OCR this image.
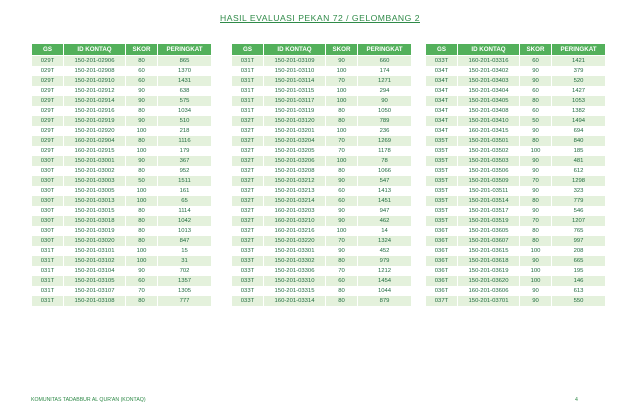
HASIL EVALUASI PEKAN 72 / GELOMBANG 2
GS	ID KONTAQ	SKOR	PERINGKAT
029T	150-201-02906	80	865
029T	150-201-02908	60	1370
029T	150-201-02910	60	1431
029T	150-201-02912	90	638
029T	150-201-02914	90	575
029T	150-201-02916	80	1034
029T	150-201-02919	90	510
029T	150-201-02920	100	218
029T	160-201-02904	80	1116
029T	160-201-02915	100	179
030T	150-201-03001	90	367
030T	150-201-03002	80	952
030T	150-201-03003	50	1511
030T	150-201-03005	100	161
030T	150-201-03013	100	65
030T	150-201-03015	80	1114
030T	150-201-03018	80	1042
030T	150-201-03019	80	1013
030T	150-201-03020	80	847
031T	150-201-03101	100	15
031T	150-201-03102	100	31
031T	150-201-03104	90	702
031T	150-201-03105	60	1357
031T	150-201-03107	70	1305
031T	150-201-03108	80	777
GS	ID KONTAQ	SKOR	PERINGKAT
031T	150-201-03109	90	660
031T	150-201-03110	100	174
031T	150-201-03114	70	1271
031T	150-201-03115	100	294
031T	150-201-03117	100	90
031T	150-201-03119	80	1050
032T	150-201-03120	80	789
032T	150-201-03201	100	236
032T	150-201-03204	70	1269
032T	150-201-03205	70	1178
032T	150-201-03206	100	78
032T	150-201-03208	80	1066
032T	150-201-03212	90	547
032T	150-201-03213	60	1413
032T	150-201-03214	60	1451
032T	160-201-03203	90	947
032T	160-201-03210	90	462
032T	160-201-03216	100	14
032T	150-201-03220	70	1324
033T	150-201-03301	90	452
033T	150-201-03302	80	979
033T	150-201-03306	70	1212
033T	150-201-03310	60	1454
033T	150-201-03315	80	1044
033T	160-201-03314	80	879
GS	ID KONTAQ	SKOR	PERINGKAT
033T	160-201-03316	60	1421
034T	150-201-03402	90	379
034T	150-201-03403	90	520
034T	150-201-03404	60	1427
034T	150-201-03405	80	1053
034T	150-201-03408	60	1382
034T	150-201-03410	50	1494
034T	160-201-03415	90	694
035T	150-201-03501	80	840
035T	150-201-03502	100	185
035T	150-201-03503	90	481
035T	150-201-03506	90	612
035T	150-201-03509	70	1298
035T	150-201-03511	90	323
035T	150-201-03514	80	779
035T	150-201-03517	90	546
035T	150-201-03519	70	1207
036T	150-201-03605	80	765
036T	150-201-03607	80	997
036T	150-201-03615	100	208
036T	150-201-03618	90	665
036T	150-201-03619	100	195
036T	150-201-03620	100	146
036T	160-201-03606	90	613
037T	150-201-03701	90	550
KOMUNITAS TADABBUR AL QUR'AN (KONTAQ)	4
